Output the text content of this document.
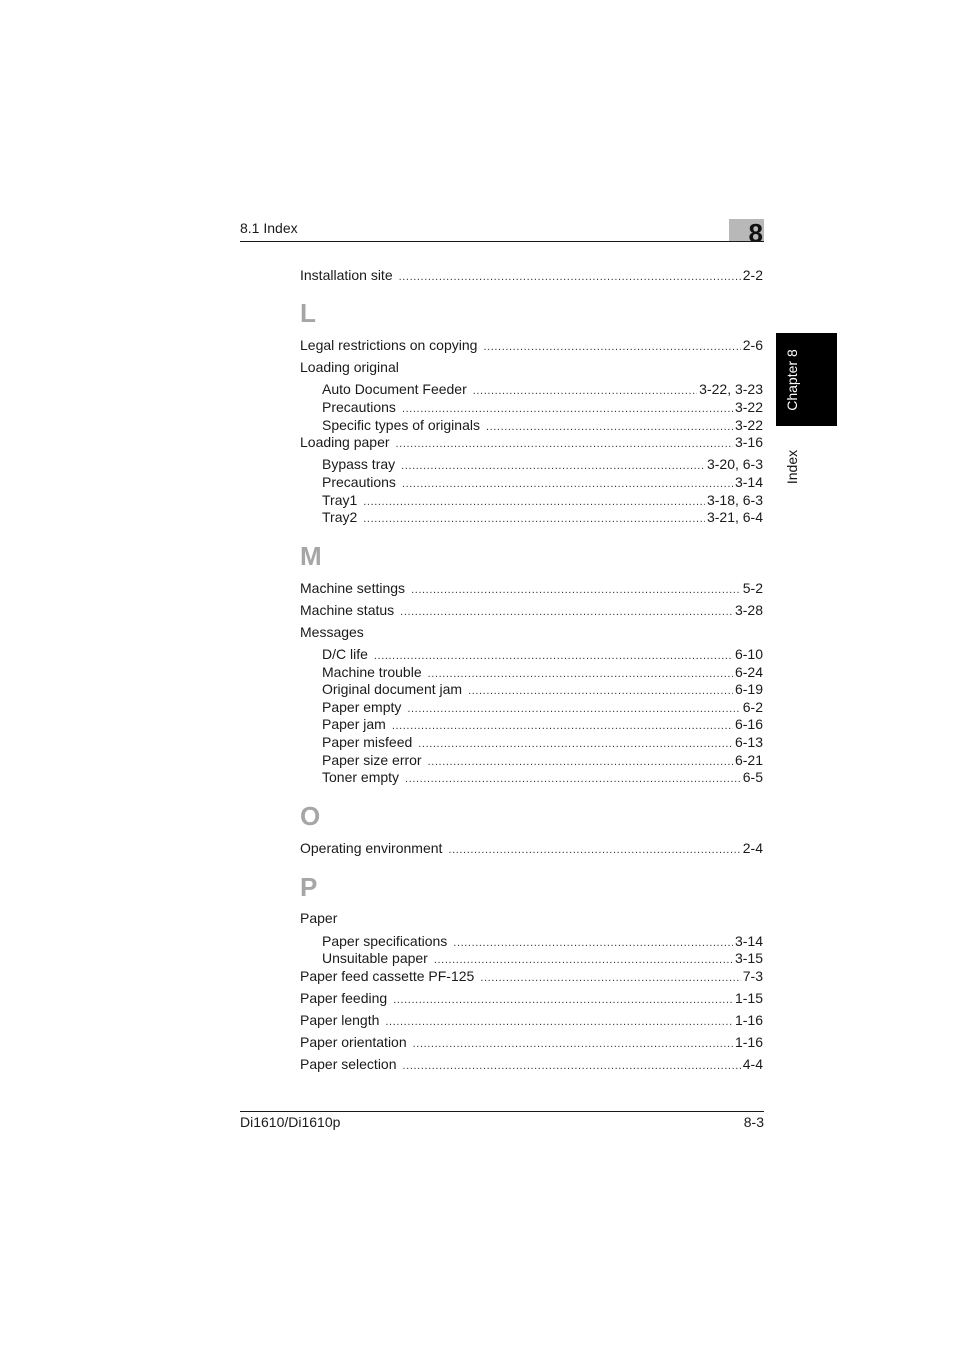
8.1 Index	8
Chapter 8
Index
Installation site .....	2-2
L
Legal restrictions on copying .....	2-6
Loading original
Auto Document Feeder .....	3-22, 3-23
Precautions .....	3-22
Specific types of originals .....	3-22
Loading paper .....	3-16
Bypass tray .....	3-20, 6-3
Precautions .....	3-14
Tray1 .....	3-18, 6-3
Tray2 .....	3-21, 6-4
M
Machine settings .....	5-2
Machine status .....	3-28
Messages
D/C life .....	6-10
Machine trouble .....	6-24
Original document jam .....	6-19
Paper empty .....	6-2
Paper jam .....	6-16
Paper misfeed .....	6-13
Paper size error .....	6-21
Toner empty .....	6-5
O
Operating environment .....	2-4
P
Paper
Paper specifications .....	3-14
Unsuitable paper .....	3-15
Paper feed cassette PF-125 .....	7-3
Paper feeding .....	1-15
Paper length .....	1-16
Paper orientation .....	1-16
Paper selection .....	4-4
Di1610/Di1610p	8-3
